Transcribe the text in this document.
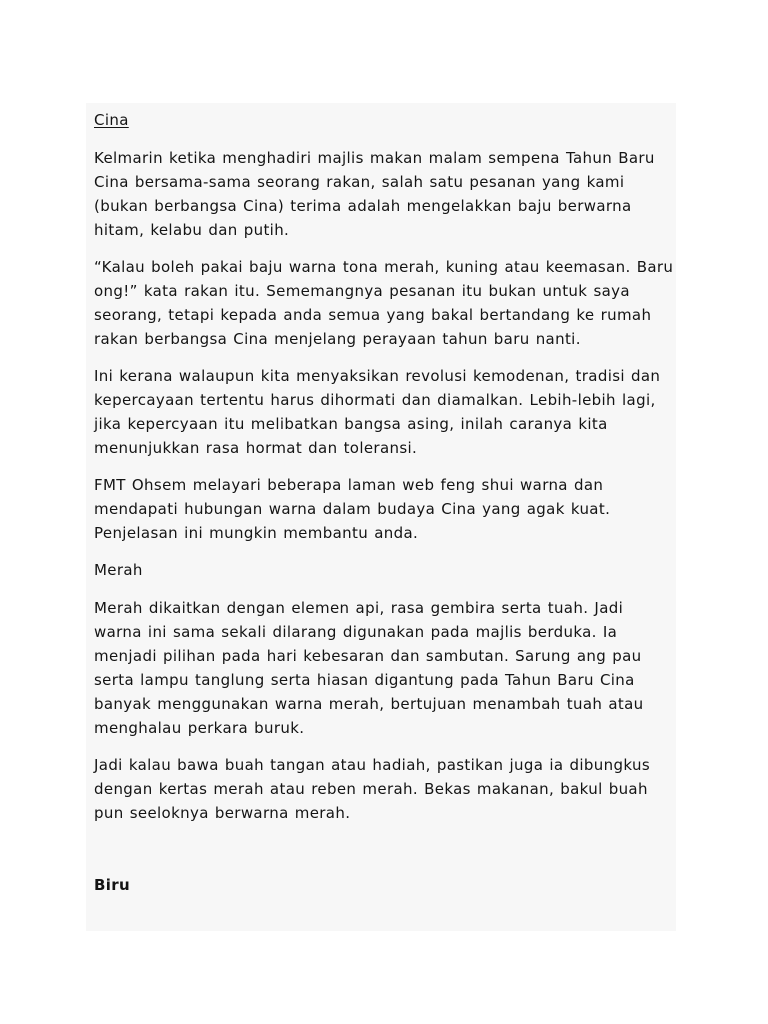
Cina

Kelmarin ketika menghadiri majlis makan malam sempena Tahun Baru Cina bersama-sama seorang rakan, salah satu pesanan yang kami (bukan berbangsa Cina) terima adalah mengelakkan baju berwarna hitam, kelabu dan putih.

“Kalau boleh pakai baju warna tona merah, kuning atau keemasan. Baru ong!” kata rakan itu. Sememangnya pesanan itu bukan untuk saya seorang, tetapi kepada anda semua yang bakal bertandang ke rumah rakan berbangsa Cina menjelang perayaan tahun baru nanti.

Ini kerana walaupun kita menyaksikan revolusi kemodenan, tradisi dan kepercayaan tertentu harus dihormati dan diamalkan. Lebih-lebih lagi, jika kepercyaan itu melibatkan bangsa asing, inilah caranya kita menunjukkan rasa hormat dan toleransi.

FMT Ohsem melayari beberapa laman web feng shui warna dan mendapati hubungan warna dalam budaya Cina yang agak kuat. Penjelasan ini mungkin membantu anda.

Merah

Merah dikaitkan dengan elemen api, rasa gembira serta tuah. Jadi warna ini sama sekali dilarang digunakan pada majlis berduka. Ia menjadi pilihan pada hari kebesaran dan sambutan. Sarung ang pau serta lampu tanglung serta hiasan digantung pada Tahun Baru Cina banyak menggunakan warna merah, bertujuan menambah tuah atau menghalau perkara buruk.

Jadi kalau bawa buah tangan atau hadiah, pastikan juga ia dibungkus dengan kertas merah atau reben merah. Bekas makanan, bakul buah pun seeloknya berwarna merah.

Biru
